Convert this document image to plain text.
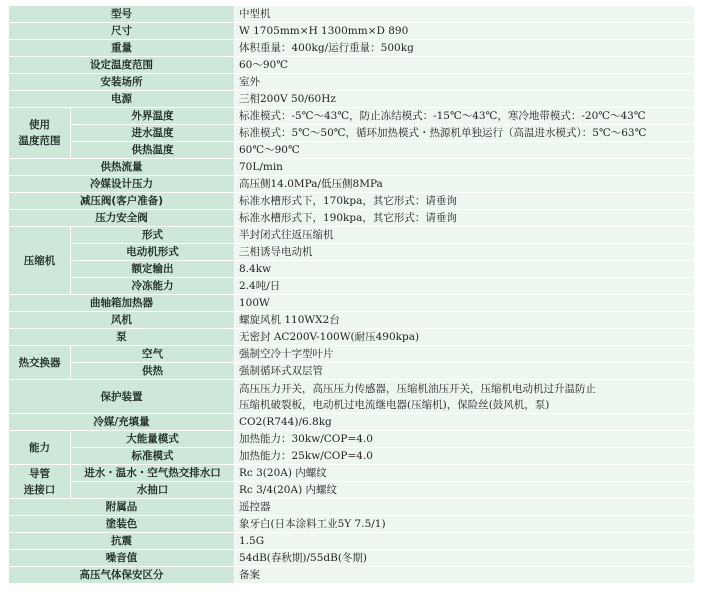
型号		中型机
尺寸		W 1705mm×H 1300mm×D 890
重量		体积重量：400kg/运行重量：500kg
设定温度范围		60～90℃
安装场所		室外
电源		三相200V 50/60Hz

使用
温度范围	外界温度	标准模式：-5℃～43℃，防止冻结模式：-15℃～43℃，寒冷地带模式：-20℃～43℃
	进水温度	标准模式：5℃～50℃，循环加热模式・热源机单独运行（高温进水模式）：5℃～63℃
	供热温度	60℃～90℃
供热流量		70L/min
冷媒设计压力		高压侧14.0MPa/低压侧8MPa
减压阀(客户准备)		标准水槽形式下，170kpa，其它形式：请垂询
压力安全阀		标准水槽形式下，190kpa，其它形式：请垂询
压缩机	形式	半封闭式往返压缩机
	电动机形式	三相诱导电动机
	额定输出	8.4kw
	冷冻能力	2.4吨/日
曲轴箱加热器		100W
风机		螺旋风机 110WX2台
泵		无密封 AC200V-100W(耐压490kpa)
热交换器	空气	强制空冷十字型叶片
	供热	强制循环式双层管
保护装置		高压压力开关，高压压力传感器，压缩机油压开关，压缩机电动机过升温防止
压缩机破裂板，电动机过电流继电器(压缩机)，保险丝(鼓风机，泵)

冷媒/充填量		CO2(R744)/6.8kg
能力	大能量模式	加热能力：30kw/COP=4.0
	标准模式	加热能力：25kw/COP=4.0

导管
连接口	进水・温水・空气热交排水口	Rc 3(20A) 内螺纹
	水抽口	Rc 3/4(20A) 内螺纹
附属品		遥控器
塗装色		象牙白(日本涂料工业5Y 7.5/1)
抗震		1.5G
噪音值		54dB(春秋期)/55dB(冬期)
高压气体保安区分		备案
